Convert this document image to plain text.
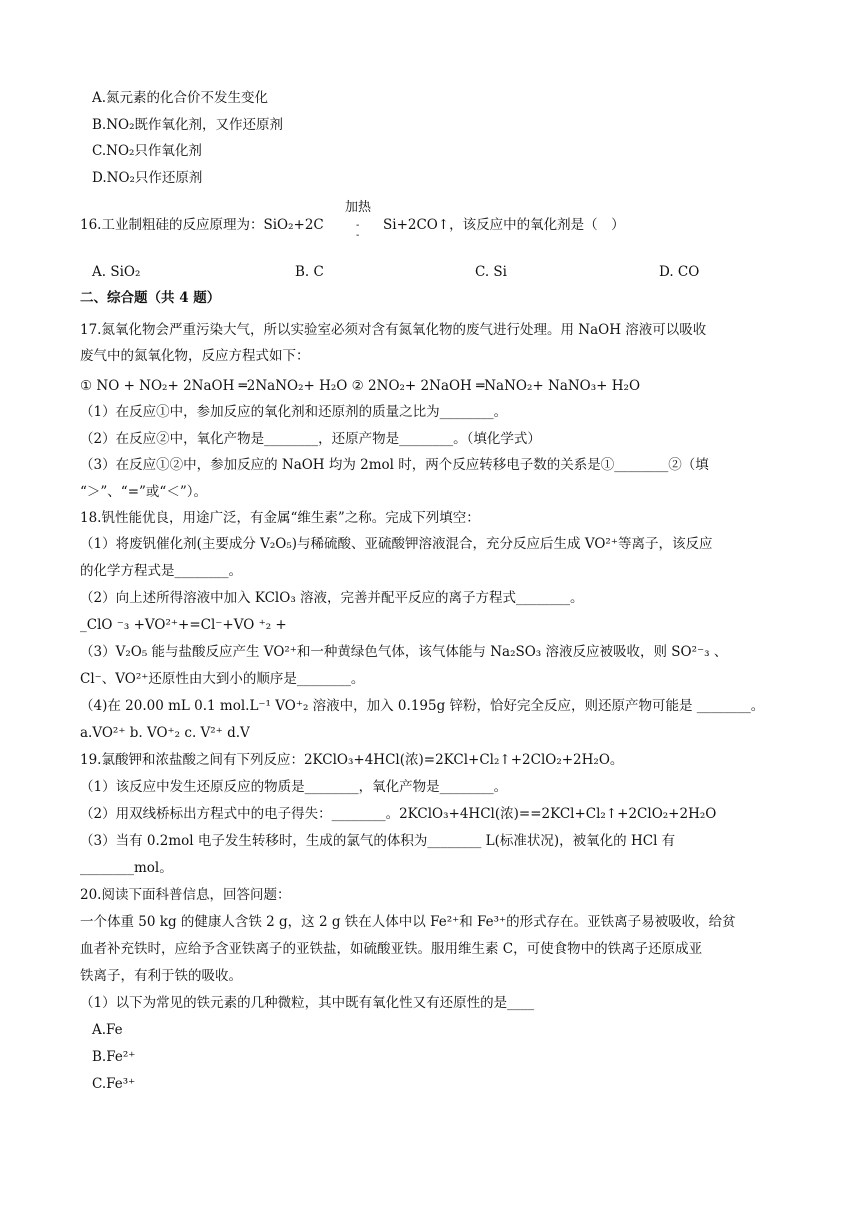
A.氮元素的化合价不发生变化
B.NO₂既作氧化剂，又作还原剂
C.NO₂只作氧化剂
D.NO₂只作还原剂
加热
16.工业制粗硅的反应原理为：SiO₂+2C	-
-
Si+2CO↑，该反应中的氧化剂是（　）
A. SiO₂	B. C	C. Si	D. CO
二、综合题（共 4 题）
17.氮氧化物会严重污染大气，所以实验室必须对含有氮氧化物的废气进行处理。用 NaOH 溶液可以吸收
废气中的氮氧化物，反应方程式如下：
① NO + NO₂+ 2NaOH ═2NaNO₂+ H₂O ② 2NO₂+ 2NaOH ═NaNO₂+ NaNO₃+ H₂O
（1）在反应①中，参加反应的氧化剂和还原剂的质量之比为________。
（2）在反应②中，氧化产物是________，还原产物是________。（填化学式）
（3）在反应①②中，参加反应的 NaOH 均为 2mol 时，两个反应转移电子数的关系是①________②（填
“＞”、“=”或“＜”）。
18.钒性能优良，用途广泛，有金属“维生素”之称。完成下列填空：
（1）将废钒催化剂(主要成分 V₂O₅)与稀硫酸、亚硫酸钾溶液混合，充分反应后生成 VO²⁺等离子，该反应
的化学方程式是________。
（2）向上述所得溶液中加入 KClO₃ 溶液，完善并配平反应的离子方程式________。
_ClO ⁻₃ +VO²⁺+=Cl⁻+VO ⁺₂ +
（3）V₂O₅ 能与盐酸反应产生 VO²⁺和一种黄绿色气体，该气体能与 Na₂SO₃ 溶液反应被吸收，则 SO²⁻₃ 、
Cl⁻、VO²⁺还原性由大到小的顺序是________。
（4)在 20.00 mL 0.1 mol.L⁻¹ VO⁺₂ 溶液中，加入 0.195g 锌粉，恰好完全反应，则还原产物可能是 ________。
a.VO²⁺ b. VO⁺₂ c. V²⁺ d.V
19.氯酸钾和浓盐酸之间有下列反应：2KClO₃+4HCl(浓)=2KCl+Cl₂↑+2ClO₂+2H₂O。
（1）该反应中发生还原反应的物质是________，氧化产物是________。
（2）用双线桥标出方程式中的电子得失：________。2KClO₃+4HCl(浓)==2KCl+Cl₂↑+2ClO₂+2H₂O
（3）当有 0.2mol 电子发生转移时，生成的氯气的体积为________ L(标准状况)，被氧化的 HCl 有
________mol。
20.阅读下面科普信息，回答问题：
一个体重 50 kg 的健康人含铁 2 g，这 2 g 铁在人体中以 Fe²⁺和 Fe³⁺的形式存在。亚铁离子易被吸收，给贫
血者补充铁时，应给予含亚铁离子的亚铁盐，如硫酸亚铁。服用维生素 C，可使食物中的铁离子还原成亚
铁离子，有利于铁的吸收。
（1）以下为常见的铁元素的几种微粒，其中既有氧化性又有还原性的是____
A.Fe
B.Fe²⁺
C.Fe³⁺
